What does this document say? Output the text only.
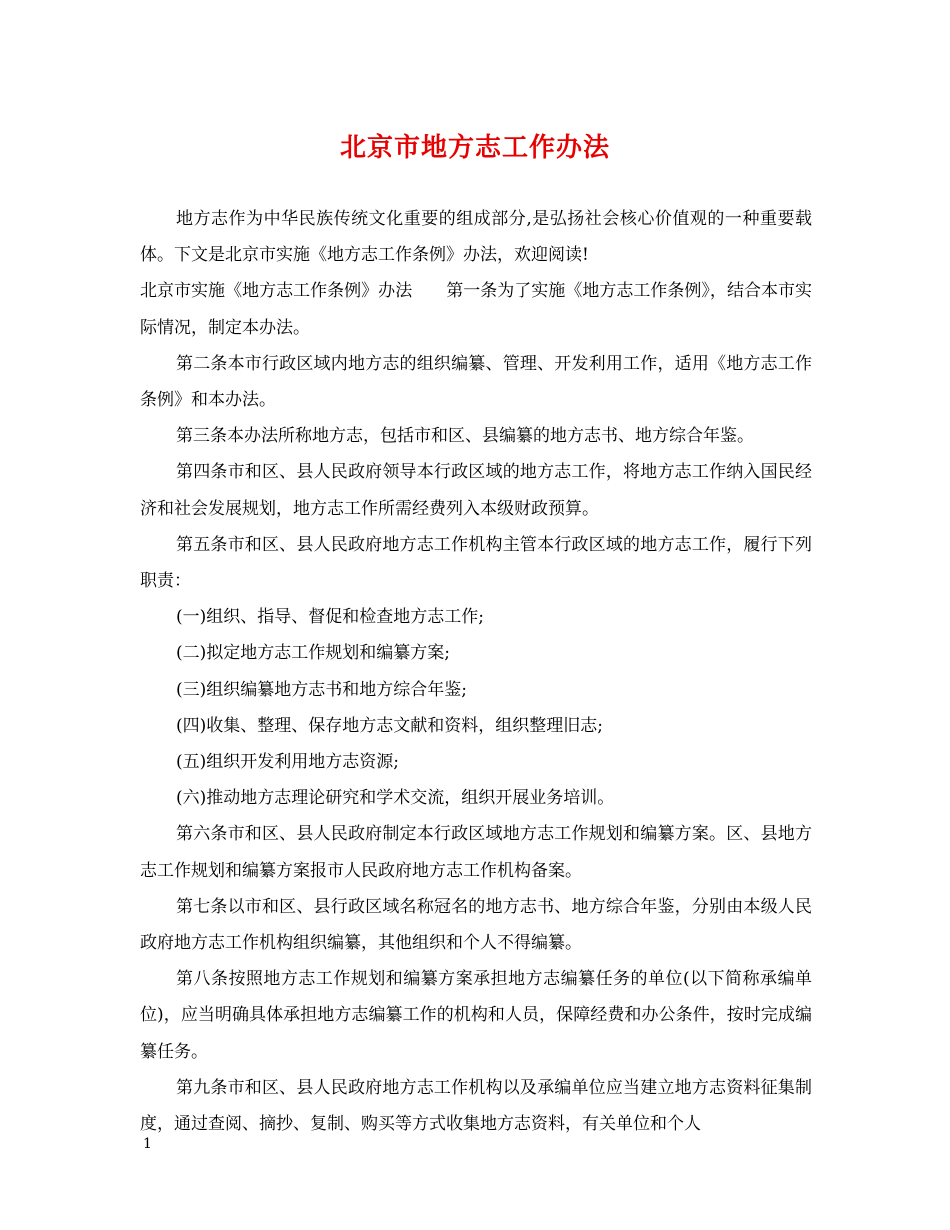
北京市地方志工作办法

地方志作为中华民族传统文化重要的组成部分,是弘扬社会核心价值观的一种重要载体。下文是北京市实施《地方志工作条例》办法，欢迎阅读!

北京市实施《地方志工作条例》办法　　第一条为了实施《地方志工作条例》，结合本市实际情况，制定本办法。

第二条本市行政区域内地方志的组织编纂、管理、开发利用工作，适用《地方志工作条例》和本办法。

第三条本办法所称地方志，包括市和区、县编纂的地方志书、地方综合年鉴。

第四条市和区、县人民政府领导本行政区域的地方志工作，将地方志工作纳入国民经济和社会发展规划，地方志工作所需经费列入本级财政预算。

第五条市和区、县人民政府地方志工作机构主管本行政区域的地方志工作，履行下列职责：

(一)组织、指导、督促和检查地方志工作;

(二)拟定地方志工作规划和编纂方案;

(三)组织编纂地方志书和地方综合年鉴;

(四)收集、整理、保存地方志文献和资料，组织整理旧志;

(五)组织开发利用地方志资源;

(六)推动地方志理论研究和学术交流，组织开展业务培训。

第六条市和区、县人民政府制定本行政区域地方志工作规划和编纂方案。区、县地方志工作规划和编纂方案报市人民政府地方志工作机构备案。

第七条以市和区、县行政区域名称冠名的地方志书、地方综合年鉴，分别由本级人民政府地方志工作机构组织编纂，其他组织和个人不得编纂。

第八条按照地方志工作规划和编纂方案承担地方志编纂任务的单位(以下简称承编单位)，应当明确具体承担地方志编纂工作的机构和人员，保障经费和办公条件，按时完成编纂任务。

第九条市和区、县人民政府地方志工作机构以及承编单位应当建立地方志资料征集制度，通过查阅、摘抄、复制、购买等方式收集地方志资料，有关单位和个人

1
